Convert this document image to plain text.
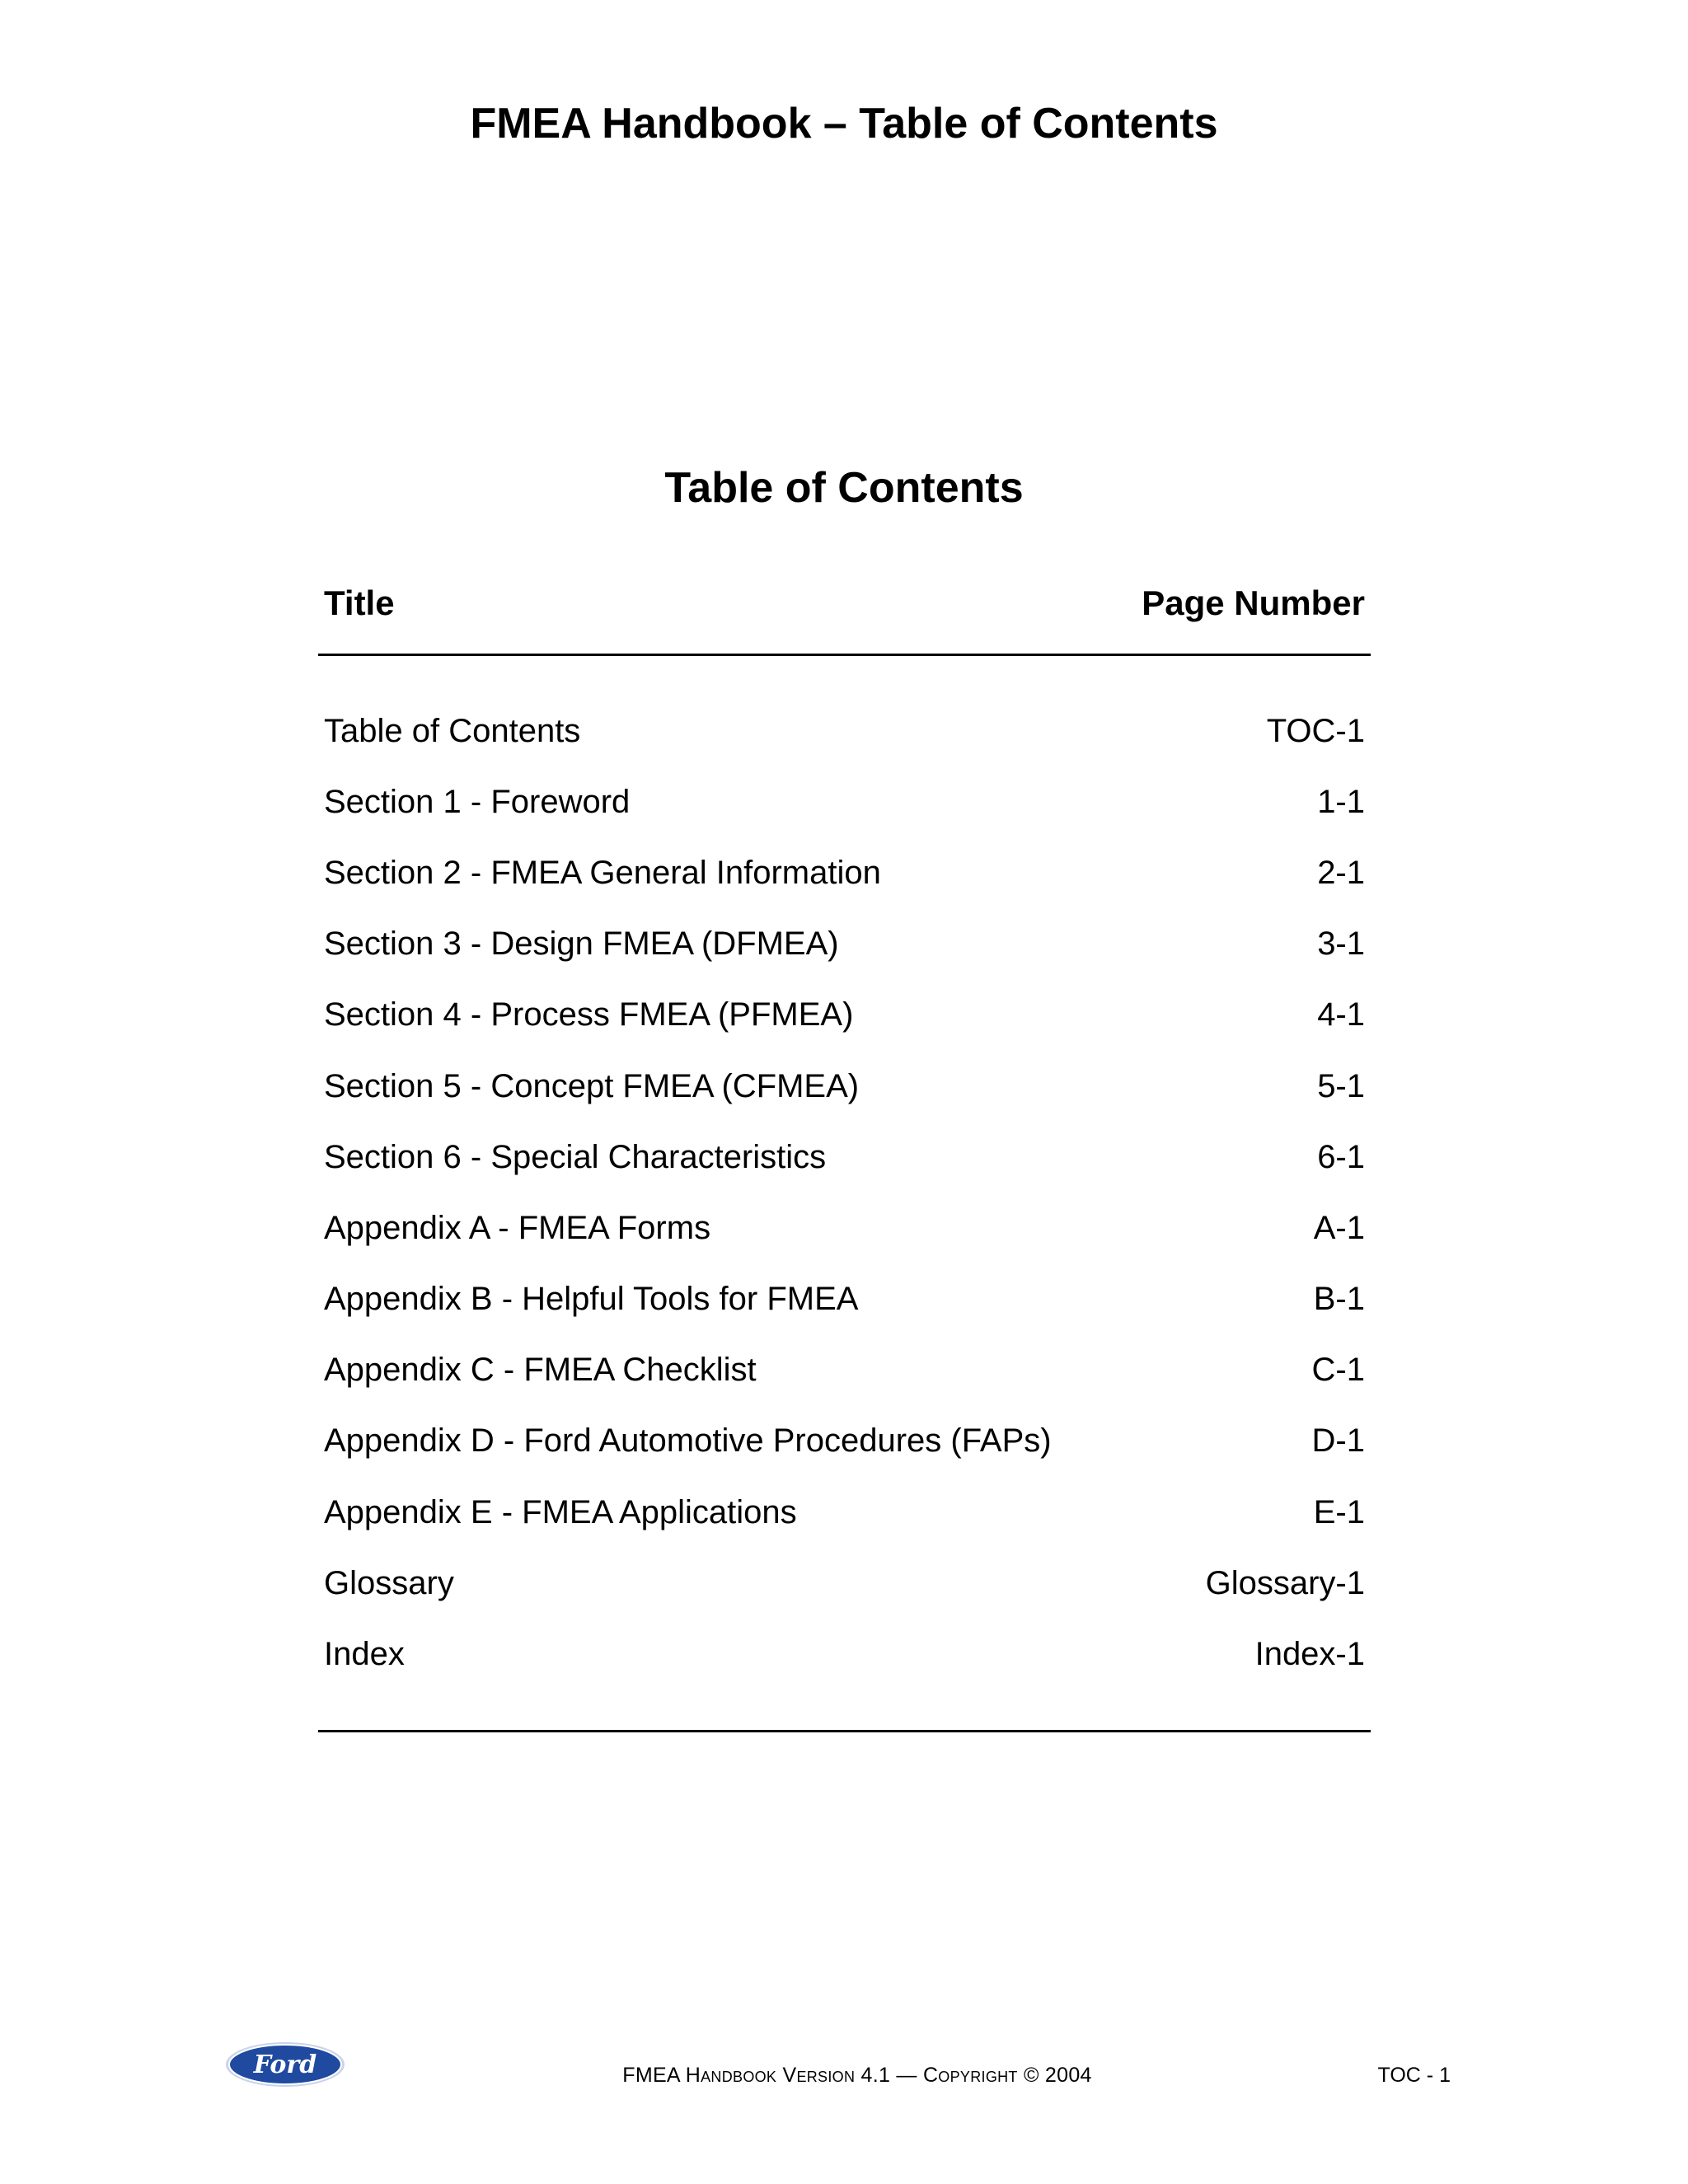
FMEA Handbook – Table of Contents
Table of Contents
Title	Page Number
Table of Contents	TOC-1
Section 1 - Foreword	1-1
Section 2 - FMEA General Information	2-1
Section 3 - Design FMEA (DFMEA)	3-1
Section 4 - Process FMEA (PFMEA)	4-1
Section 5 - Concept FMEA (CFMEA)	5-1
Section 6 - Special Characteristics	6-1
Appendix A - FMEA Forms	A-1
Appendix B - Helpful Tools for FMEA	B-1
Appendix C - FMEA Checklist	C-1
Appendix D - Ford Automotive Procedures (FAPs)	D-1
Appendix E - FMEA Applications	E-1
Glossary	Glossary-1
Index	Index-1
Ford	FMEA Handbook Version 4.1 — Copyright © 2004	TOC - 1
